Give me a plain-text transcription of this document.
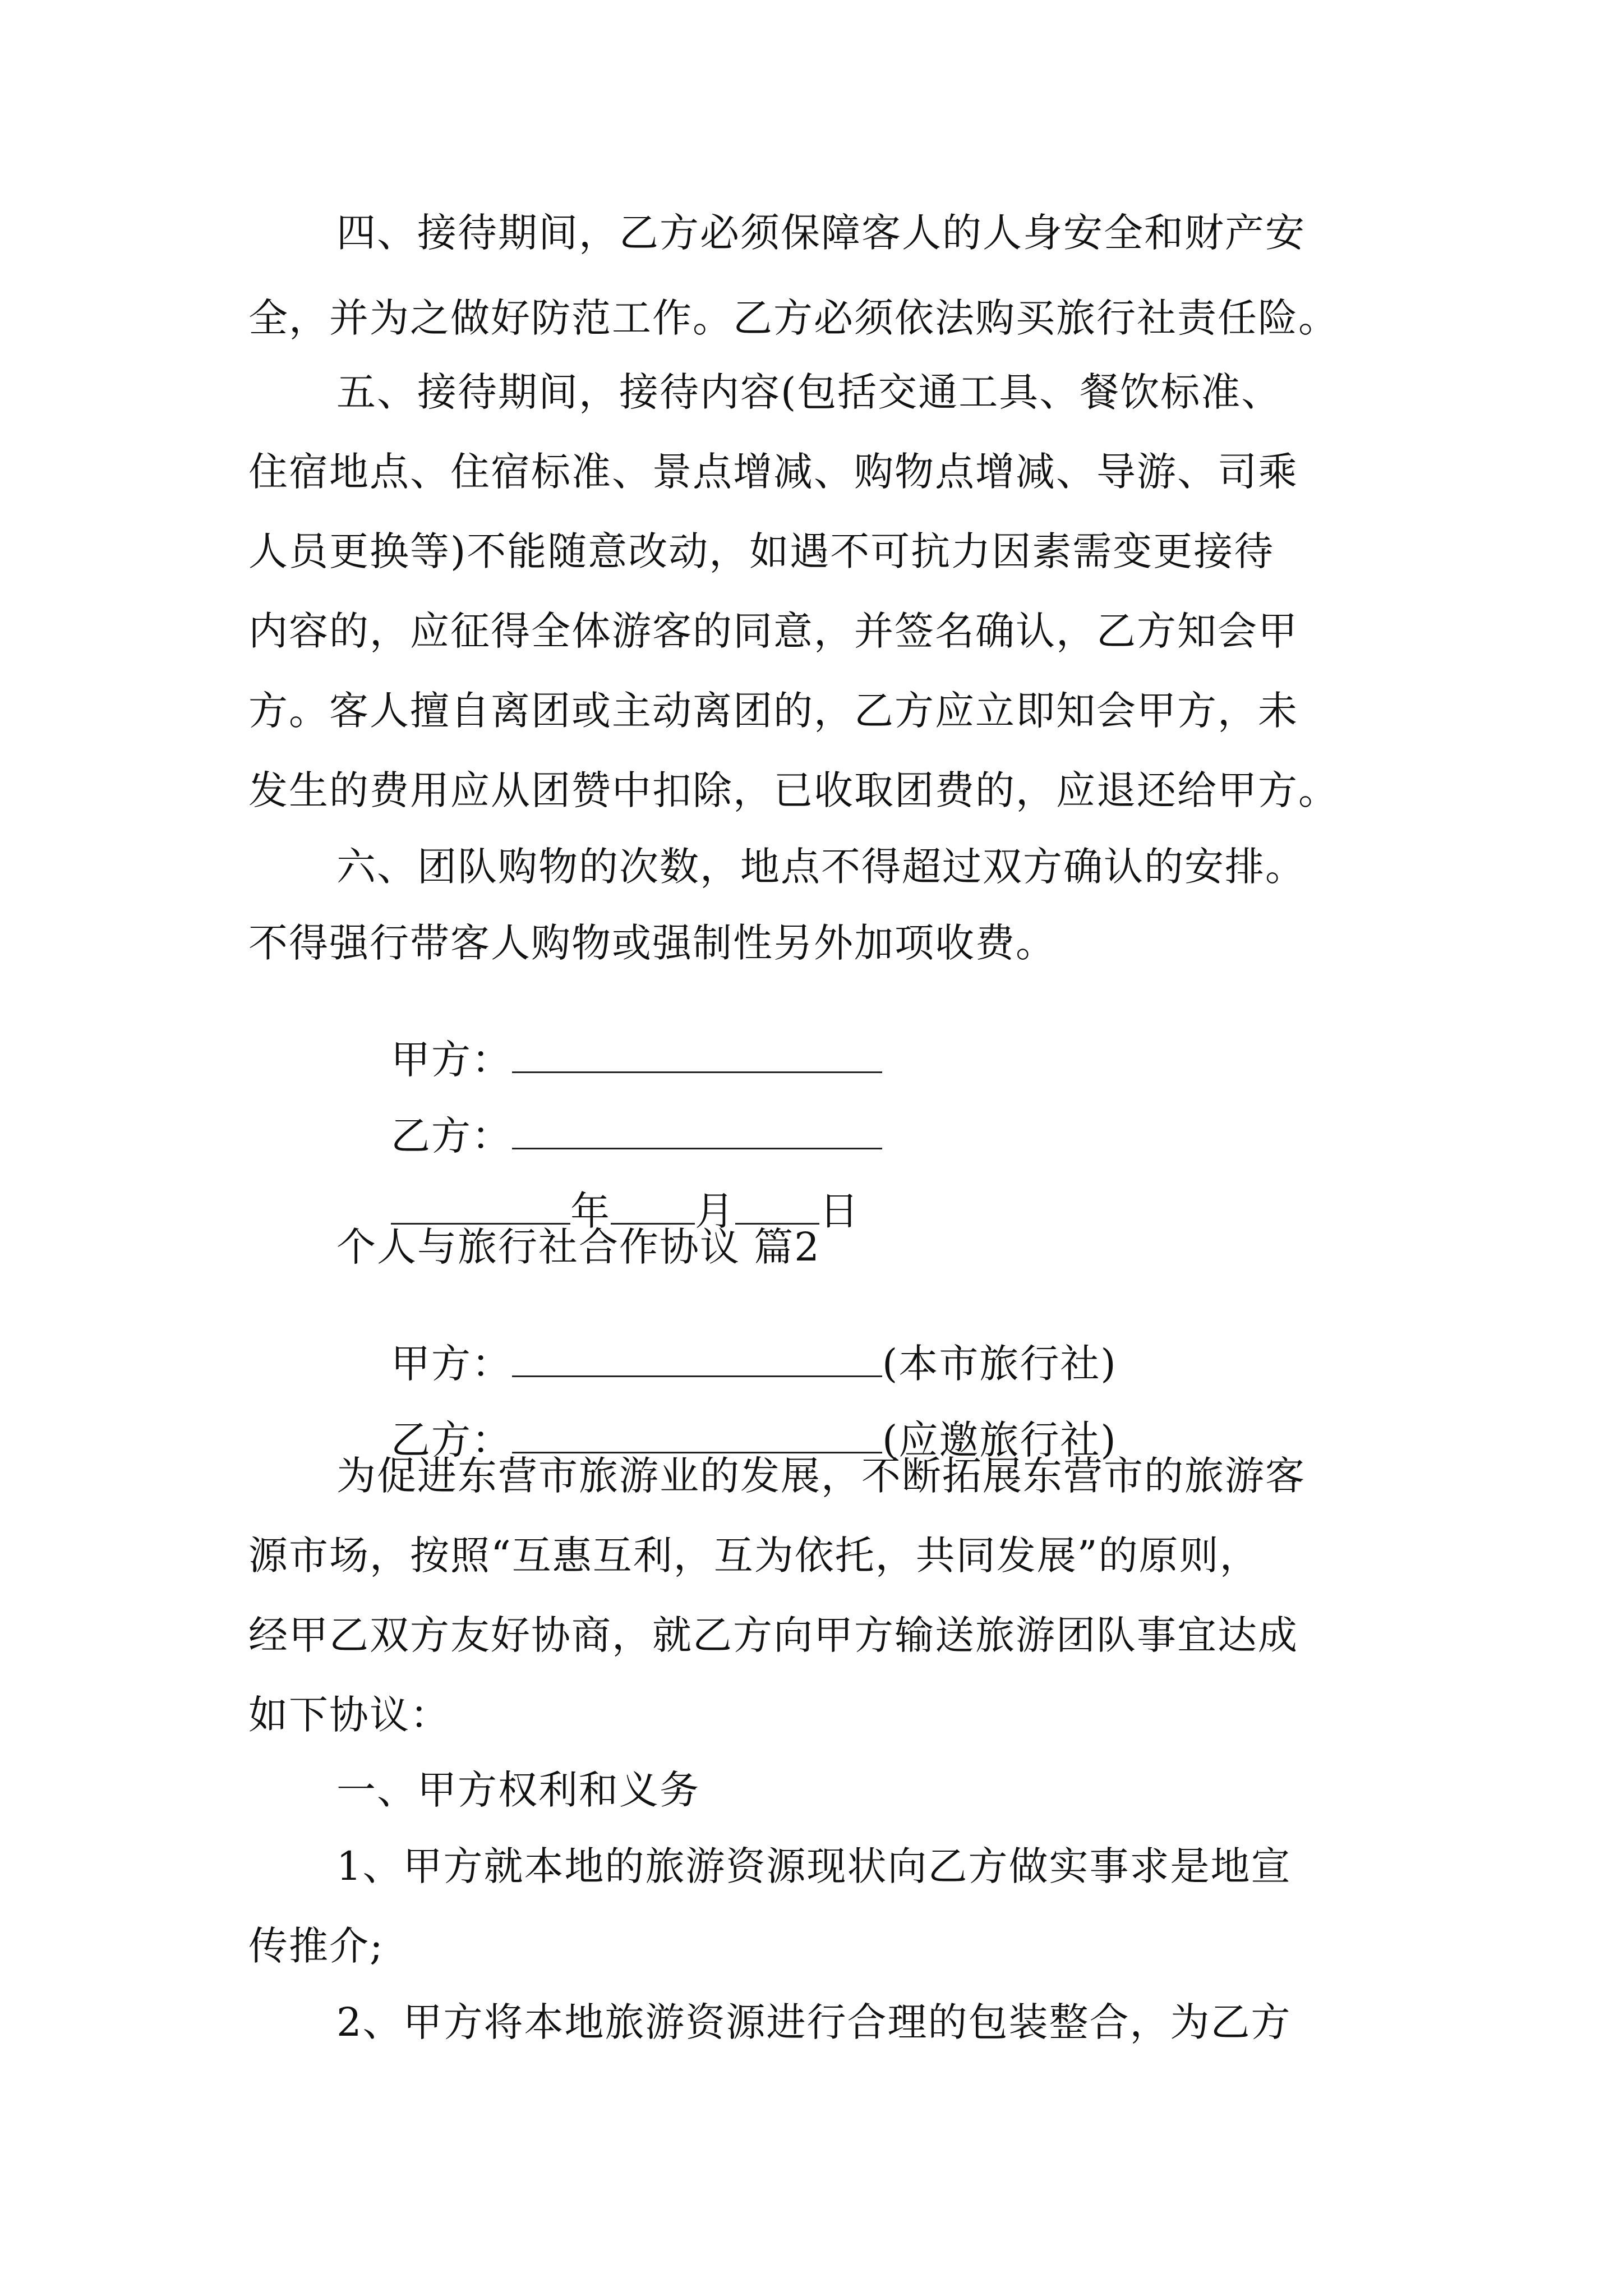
四、接待期间，乙方必须保障客人的人身安全和财产安
全，并为之做好防范工作。乙方必须依法购买旅行社责任险。
五、接待期间，接待内容(包括交通工具、餐饮标准、
住宿地点、住宿标准、景点增减、购物点增减、导游、司乘
人员更换等)不能随意改动，如遇不可抗力因素需变更接待
内容的，应征得全体游客的同意，并签名确认，乙方知会甲
方。客人擅自离团或主动离团的，乙方应立即知会甲方，未
发生的费用应从团赞中扣除，已收取团费的，应退还给甲方。
六、团队购物的次数，地点不得超过双方确认的安排。
不得强行带客人购物或强制性另外加项收费。

甲方：

乙方：

年 月 日

个人与旅行社合作协议 篇2

甲方：	(本市旅行社)

乙方：	(应邀旅行社)

为促进东营市旅游业的发展，不断拓展东营市的旅游客
源市场，按照“互惠互利，互为依托，共同发展”的原则，
经甲乙双方友好协商，就乙方向甲方输送旅游团队事宜达成
如下协议：
一、甲方权利和义务
1、甲方就本地的旅游资源现状向乙方做实事求是地宣
传推介;
2、甲方将本地旅游资源进行合理的包装整合，为乙方
